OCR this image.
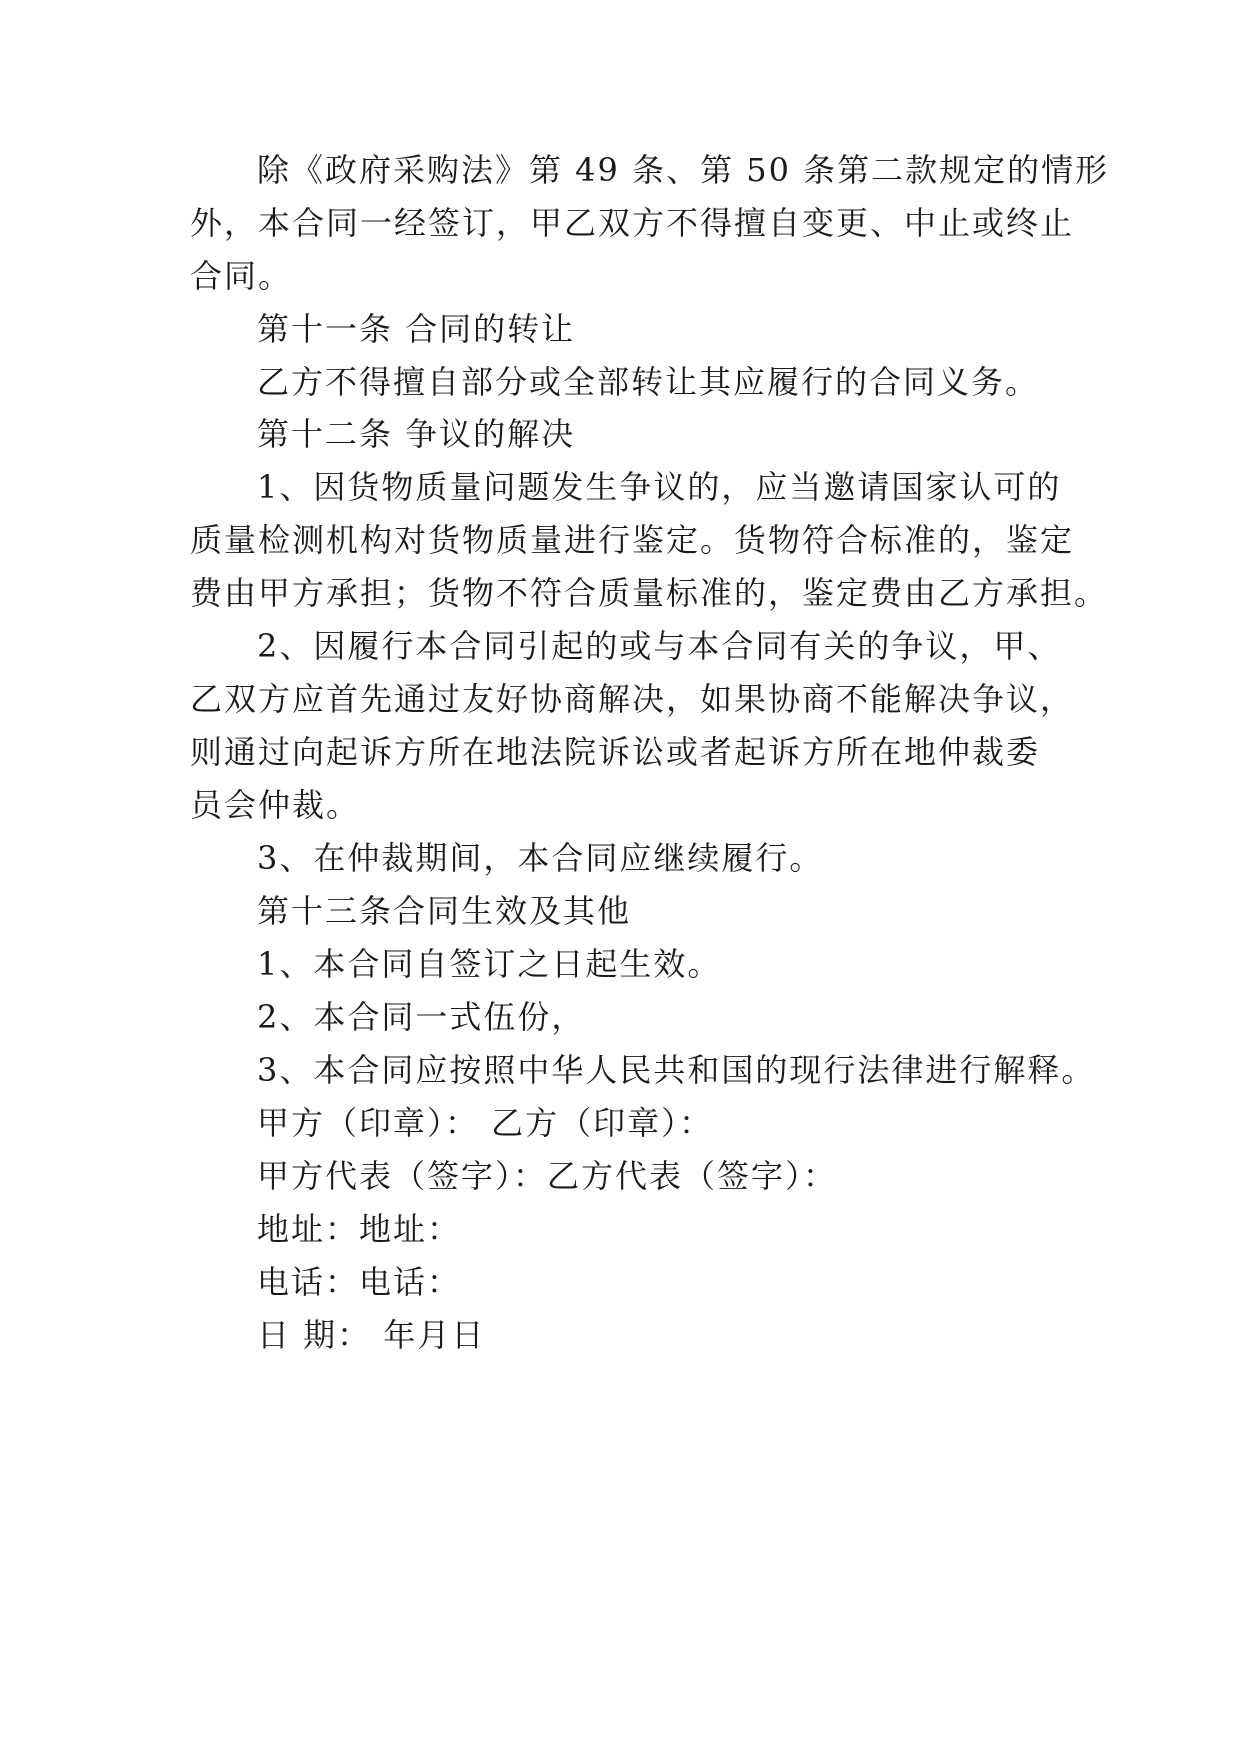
除《政府采购法》第 49 条、第 50 条第二款规定的情形
外，本合同一经签订，甲乙双方不得擅自变更、中止或终止
合同。
第十一条 合同的转让
乙方不得擅自部分或全部转让其应履行的合同义务。
第十二条 争议的解决
1、因货物质量问题发生争议的，应当邀请国家认可的
质量检测机构对货物质量进行鉴定。货物符合标准的，鉴定
费由甲方承担；货物不符合质量标准的，鉴定费由乙方承担。
2、因履行本合同引起的或与本合同有关的争议，甲、
乙双方应首先通过友好协商解决，如果协商不能解决争议，
则通过向起诉方所在地法院诉讼或者起诉方所在地仲裁委
员会仲裁。
3、在仲裁期间，本合同应继续履行。
第十三条合同生效及其他
1、本合同自签订之日起生效。
2、本合同一式伍份，
3、本合同应按照中华人民共和国的现行法律进行解释。
甲方（印章）： 乙方（印章）：
甲方代表（签字）：乙方代表（签字）：
地址：地址：
电话：电话：
日 期： 年月日
